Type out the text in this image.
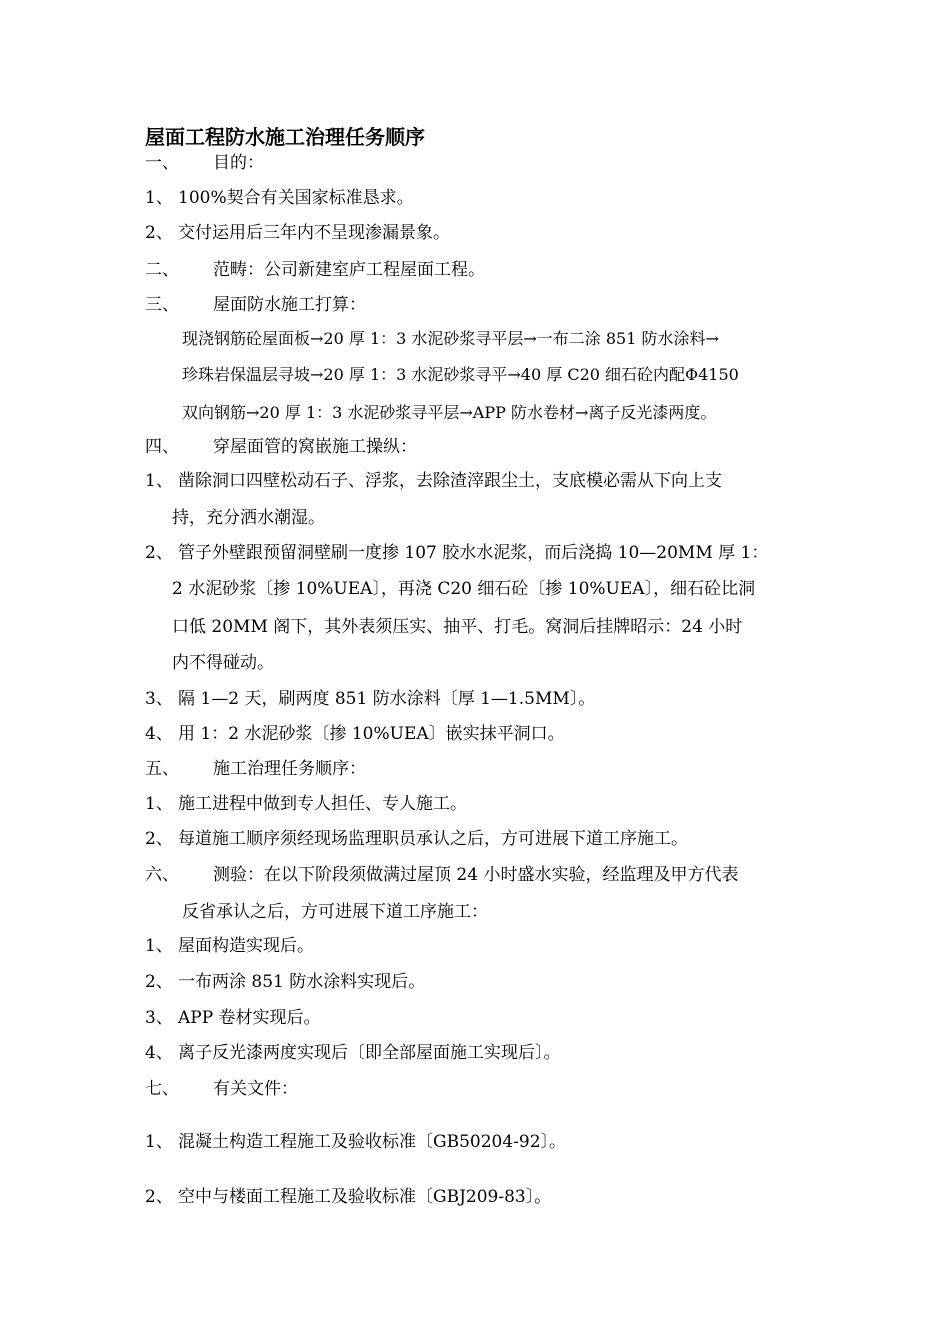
屋面工程防水施工治理任务顺序
一、 目的：
1、 100%契合有关国家标准恳求。
2、 交付运用后三年内不呈现渗漏景象。
二、 范畴：公司新建室庐工程屋面工程。
三、 屋面防水施工打算：
现浇钢筋砼屋面板→20 厚 1：3 水泥砂浆寻平层→一布二涂 851 防水涂料→
珍珠岩保温层寻坡→20 厚 1：3 水泥砂浆寻平→40 厚 C20 细石砼内配Φ4150
双向钢筋→20 厚 1：3 水泥砂浆寻平层→APP 防水卷材→离子反光漆两度。
四、 穿屋面管的窝嵌施工操纵：
1、 凿除洞口四壁松动石子、浮浆，去除渣滓跟尘土，支底模必需从下向上支
持，充分洒水潮湿。
2、 管子外壁跟预留洞壁刷一度掺 107 胶水水泥浆，而后浇捣 10—20MM 厚 1：
2 水泥砂浆〔掺 10%UEA〕，再浇 C20 细石砼〔掺 10%UEA〕，细石砼比洞
口低 20MM 阁下，其外表须压实、抽平、打毛。窝洞后挂牌昭示：24 小时
内不得碰动。
3、 隔 1—2 天，刷两度 851 防水涂料〔厚 1—1.5MM〕。
4、 用 1：2 水泥砂浆〔掺 10%UEA〕嵌实抹平洞口。
五、 施工治理任务顺序：
1、 施工进程中做到专人担任、专人施工。
2、 每道施工顺序须经现场监理职员承认之后，方可进展下道工序施工。
六、 测验：在以下阶段须做满过屋顶 24 小时盛水实验，经监理及甲方代表
反省承认之后，方可进展下道工序施工：
1、 屋面构造实现后。
2、 一布两涂 851 防水涂料实现后。
3、 APP 卷材实现后。
4、 离子反光漆两度实现后〔即全部屋面施工实现后〕。
七、 有关文件：
1、 混凝土构造工程施工及验收标准〔GB50204-92〕。
2、 空中与楼面工程施工及验收标准〔GBJ209-83〕。
